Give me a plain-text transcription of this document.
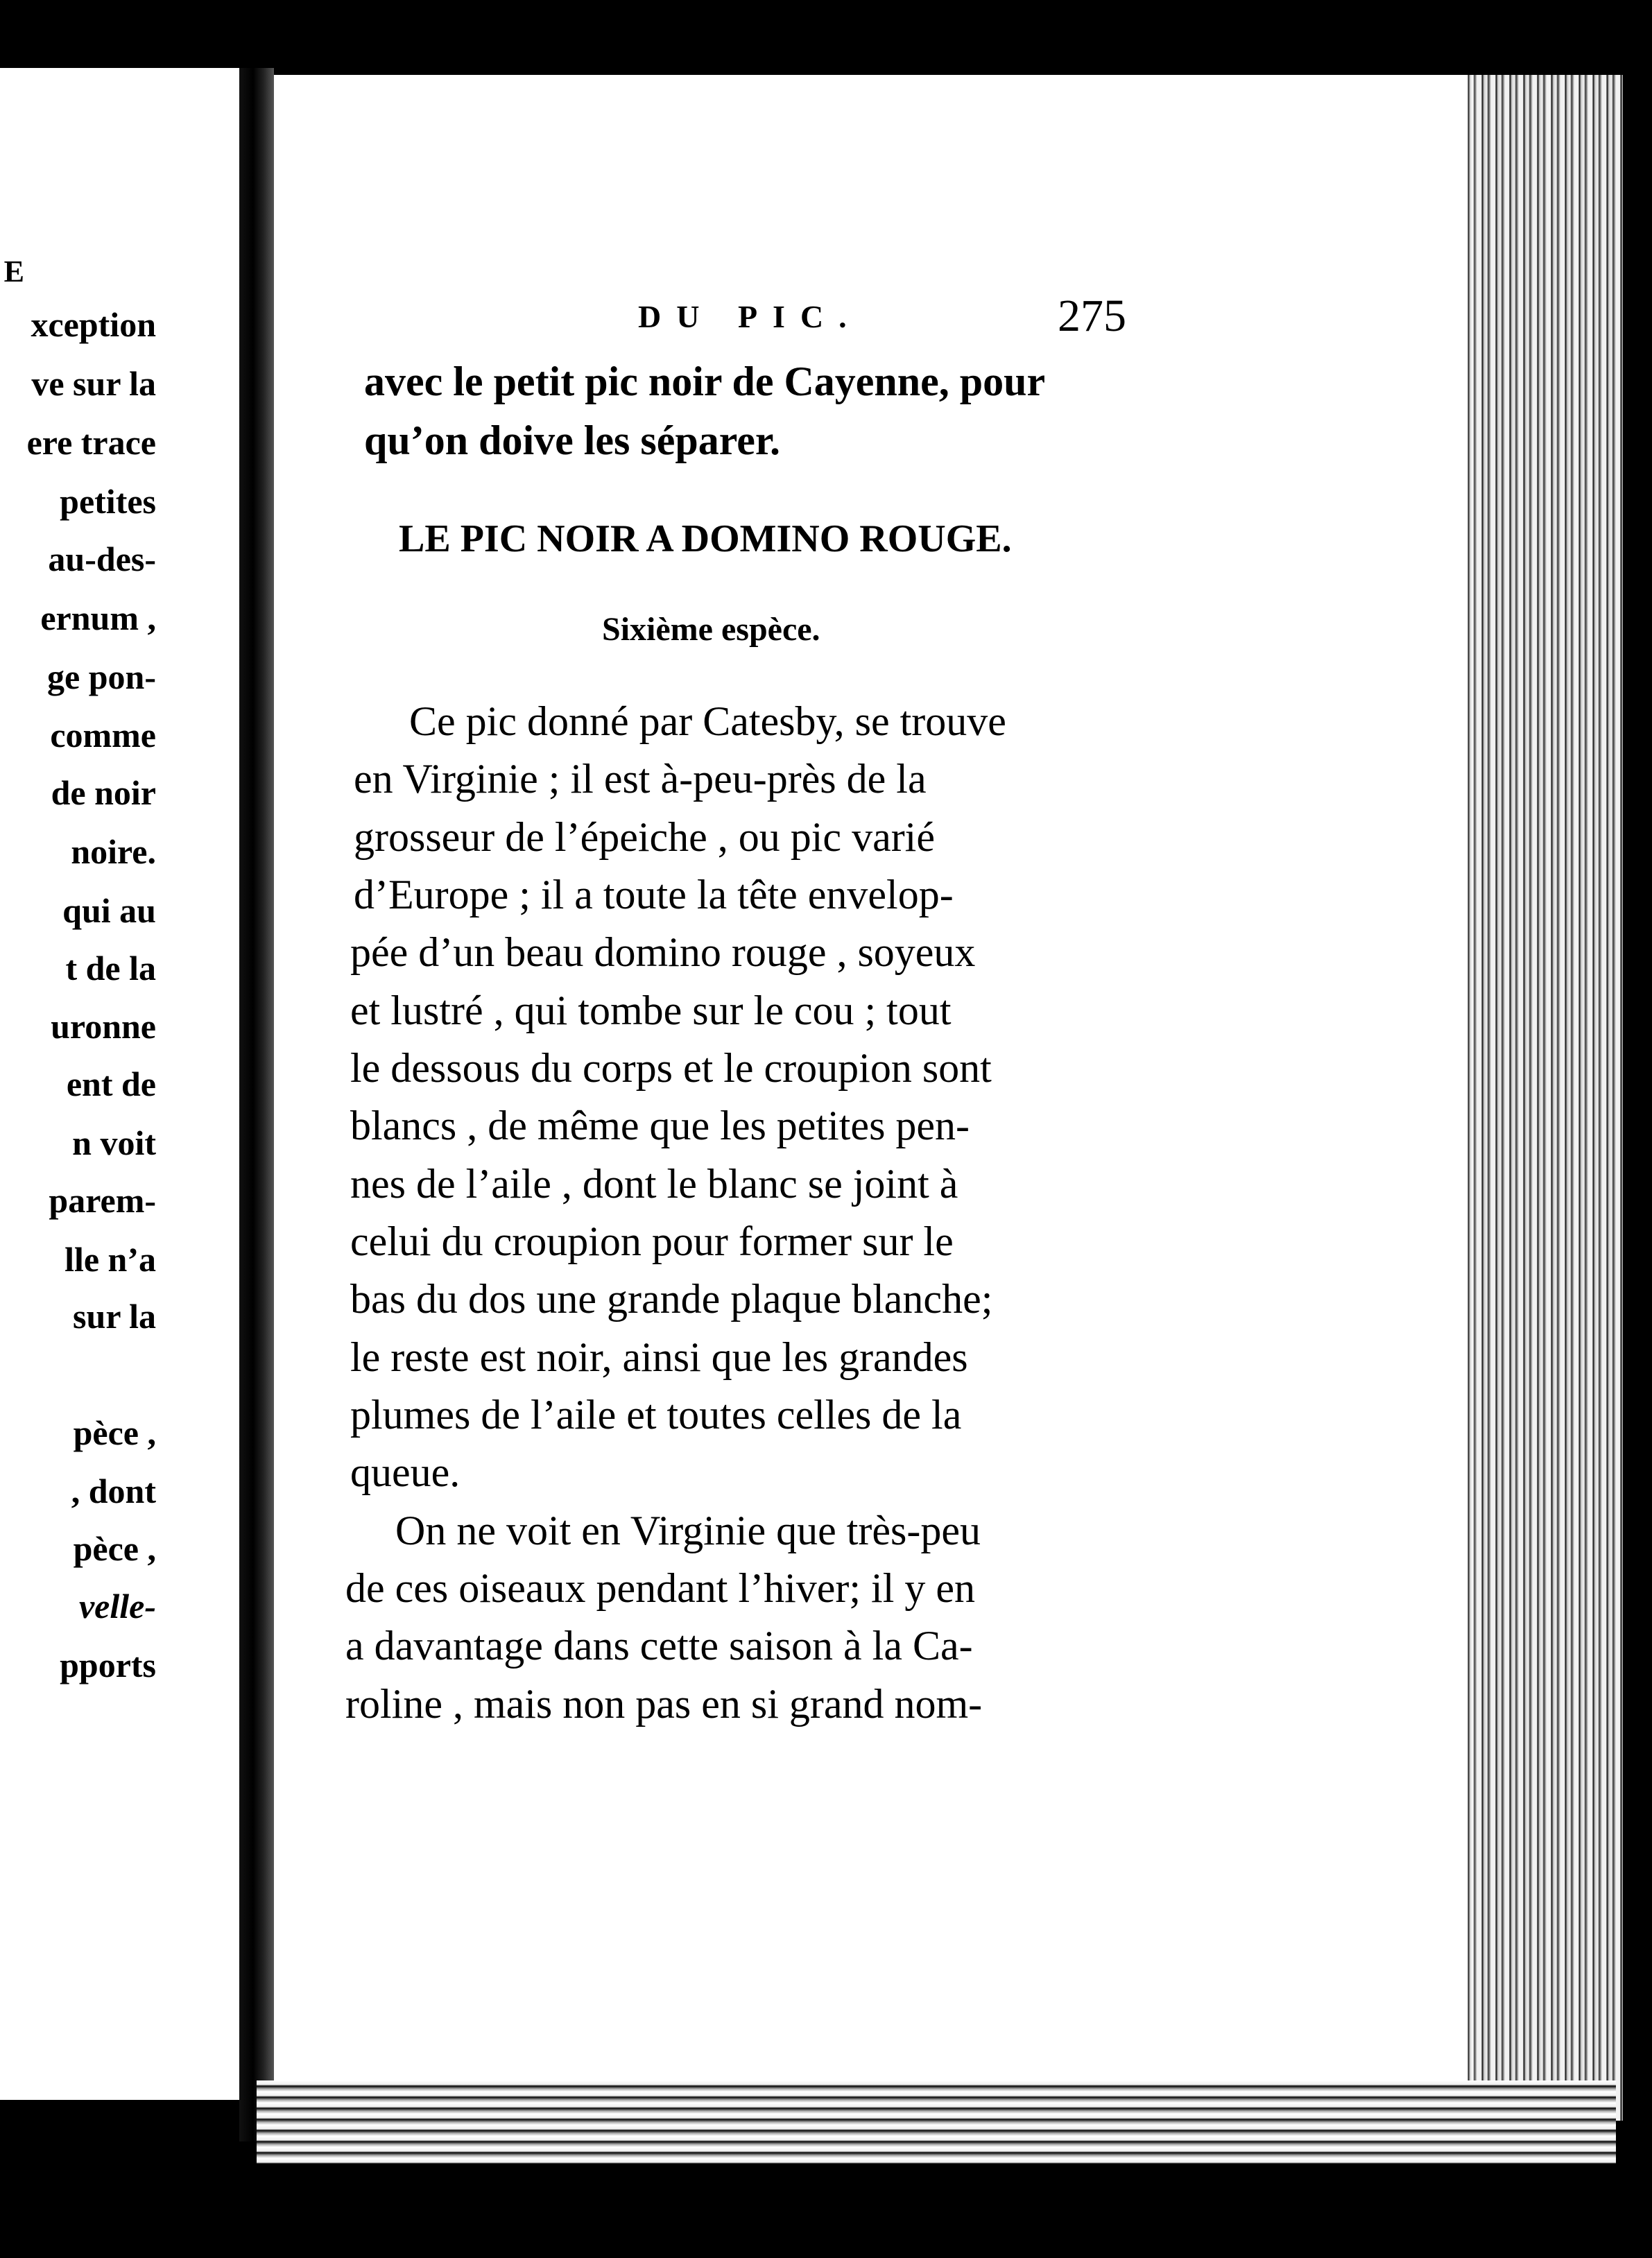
E
xception
ve sur la
ere trace
petites
au-des-
ernum ,
ge pon-
comme
de noir
noire.
qui au
t de la
uronne
ent de
n voit
parem-
lle n’a
sur la
pèce ,
, dont
pèce ,
velle-
pports
DU PIC.	275
avec le petit pic noir de Cayenne, pour
qu’on doive les séparer.
LE PIC NOIR A DOMINO ROUGE.
Sixième espèce.
Ce pic donné par Catesby, se trouve
en Virginie ; il est à-peu-près de la
grosseur de l’épeiche , ou pic varié
d’Europe ; il a toute la tête envelop-
pée d’un beau domino rouge , soyeux
et lustré , qui tombe sur le cou ; tout
le dessous du corps et le croupion sont
blancs , de même que les petites pen-
nes de l’aile , dont le blanc se joint à
celui du croupion pour former sur le
bas du dos une grande plaque blanche;
le reste est noir, ainsi que les grandes
plumes de l’aile et toutes celles de la
queue.
On ne voit en Virginie que très-peu
de ces oiseaux pendant l’hiver; il y en
a davantage dans cette saison à la Ca-
roline , mais non pas en si grand nom-
